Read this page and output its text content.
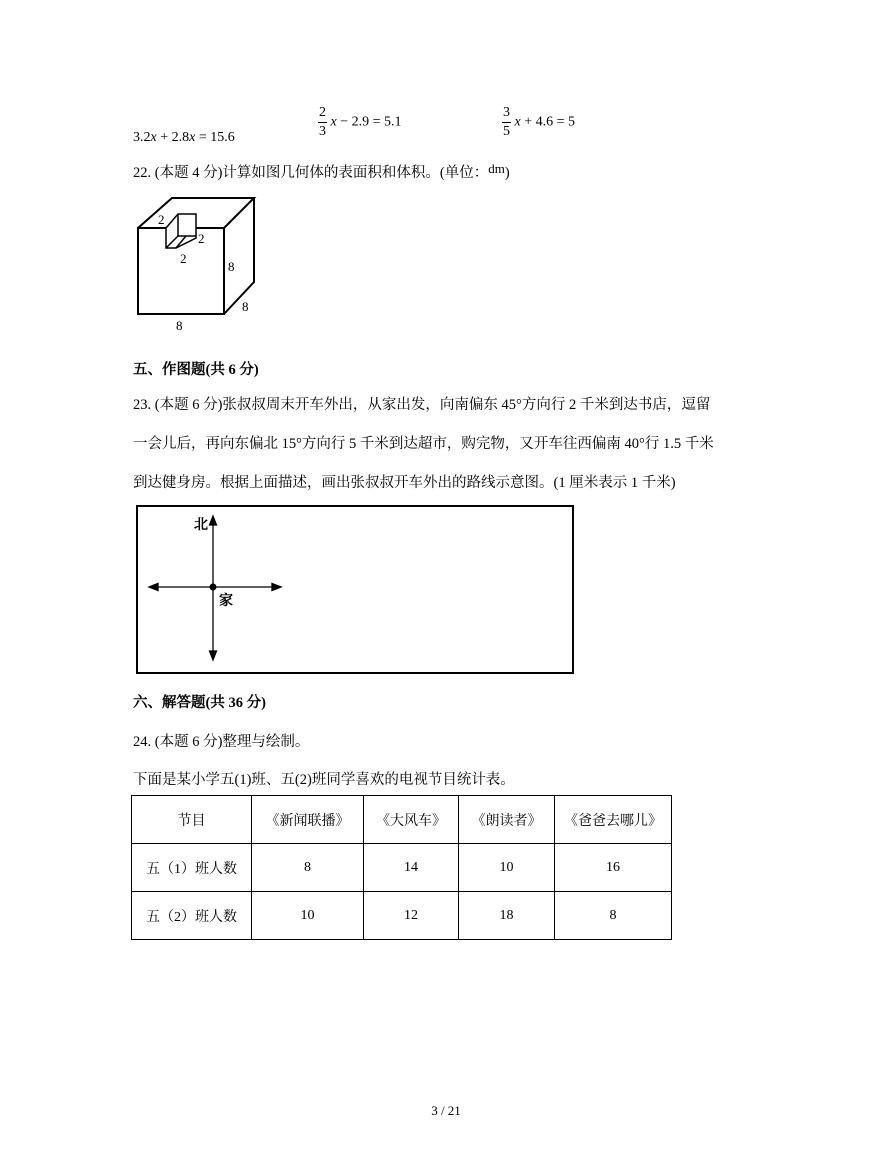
3.2x + 2.8x = 15.6	$\frac{2}{3}$ x − 2.9 = 5.1	$\frac{3}{5}$ x + 4.6 = 5
22. (本题 4 分)计算如图几何体的表面积和体积。(单位：dm)
2
2
2
8
8
8
五、作图题(共 6 分)
23. (本题 6 分)张叔叔周末开车外出，从家出发，向南偏东 45°方向行 2 千米到达书店，逗留
一会儿后，再向东偏北 15°方向行 5 千米到达超市，购完物，又开车往西偏南 40°行 1.5 千米
到达健身房。根据上面描述，画出张叔叔开车外出的路线示意图。(1 厘米表示 1 千米)
北
家
六、解答题(共 36 分)
24. (本题 6 分)整理与绘制。
下面是某小学五(1)班、五(2)班同学喜欢的电视节目统计表。
节目	《新闻联播》	《大风车》	《朗读者》	《爸爸去哪儿》
五（1）班人数	8	14	10	16
五（2）班人数	10	12	18	8
3 / 21
